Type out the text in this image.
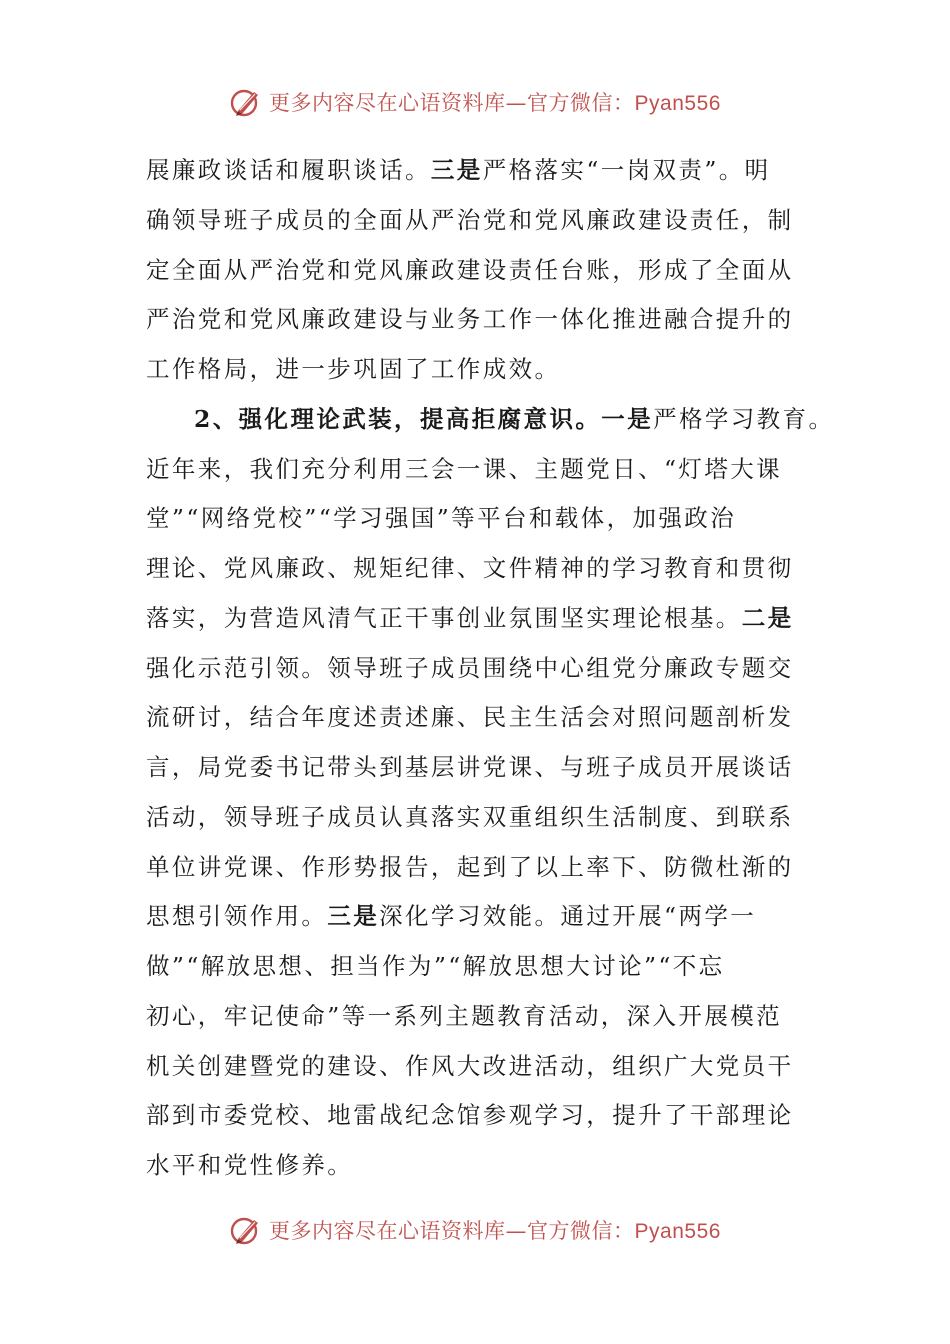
更多内容尽在心语资料库—官方微信：Pyan556
展廉政谈话和履职谈话。三是严格落实“一岗双责”。明
确领导班子成员的全面从严治党和党风廉政建设责任，制
定全面从严治党和党风廉政建设责任台账，形成了全面从
严治党和党风廉政建设与业务工作一体化推进融合提升的
工作格局，进一步巩固了工作成效。
2、强化理论武装，提高拒腐意识。一是严格学习教育。
近年来，我们充分利用三会一课、主题党日、“灯塔大课
堂”“网络党校”“学习强国”等平台和载体，加强政治
理论、党风廉政、规矩纪律、文件精神的学习教育和贯彻
落实，为营造风清气正干事创业氛围坚实理论根基。二是
强化示范引领。领导班子成员围绕中心组党分廉政专题交
流研讨，结合年度述责述廉、民主生活会对照问题剖析发
言，局党委书记带头到基层讲党课、与班子成员开展谈话
活动，领导班子成员认真落实双重组织生活制度、到联系
单位讲党课、作形势报告，起到了以上率下、防微杜渐的
思想引领作用。三是深化学习效能。通过开展“两学一
做”“解放思想、担当作为”“解放思想大讨论”“不忘
初心，牢记使命”等一系列主题教育活动，深入开展模范
机关创建暨党的建设、作风大改进活动，组织广大党员干
部到市委党校、地雷战纪念馆参观学习，提升了干部理论
水平和党性修养。
更多内容尽在心语资料库—官方微信：Pyan556
